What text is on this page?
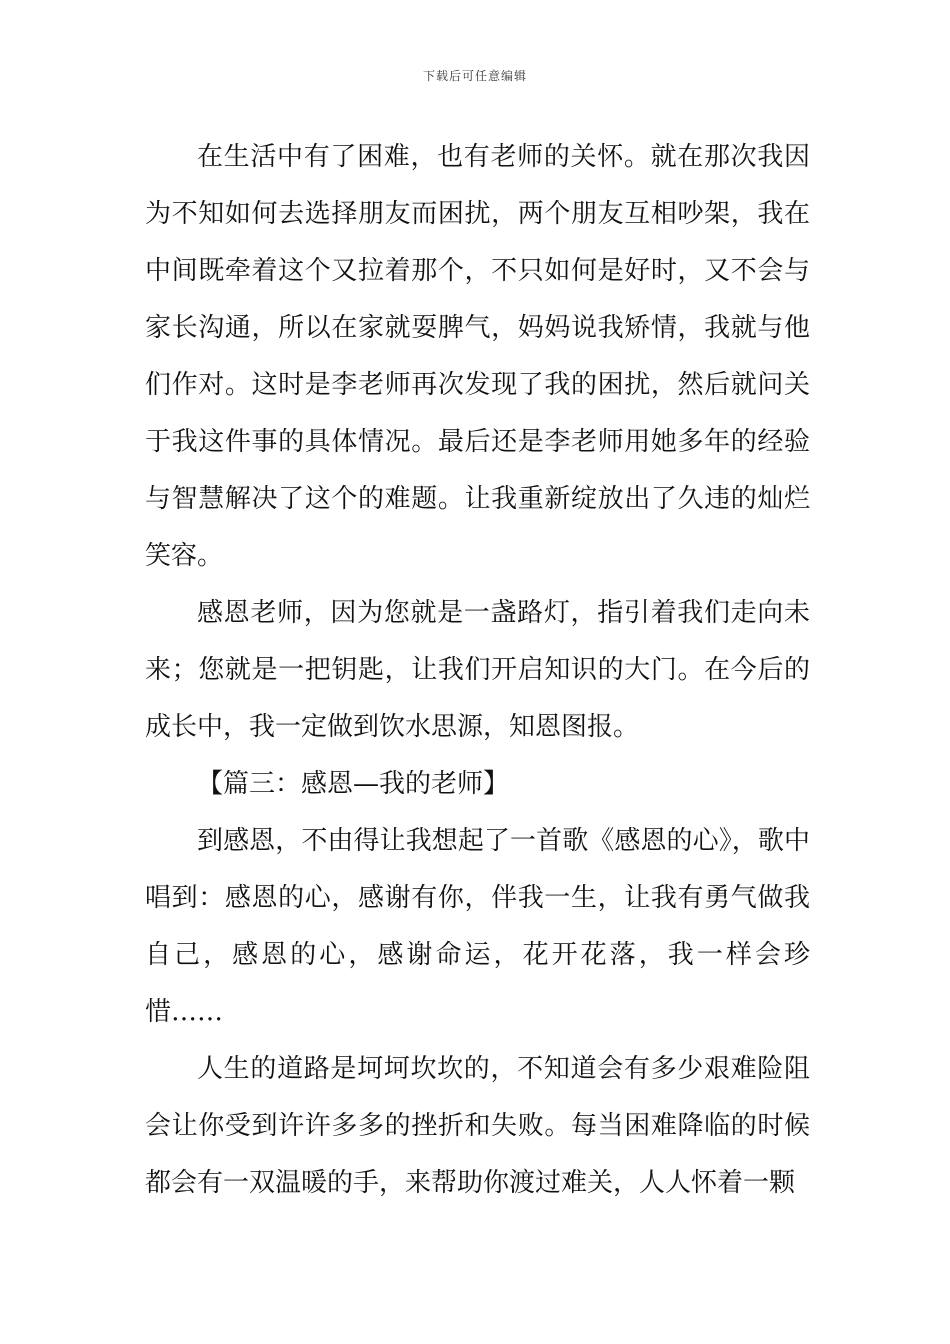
下载后可任意编辑

在生活中有了困难，也有老师的关怀。就在那次我因为不知如何去选择朋友而困扰，两个朋友互相吵架，我在中间既牵着这个又拉着那个，不只如何是好时，又不会与家长沟通，所以在家就耍脾气，妈妈说我矫情，我就与他们作对。这时是李老师再次发现了我的困扰，然后就问关于我这件事的具体情况。最后还是李老师用她多年的经验与智慧解决了这个的难题。让我重新绽放出了久违的灿烂笑容。

感恩老师，因为您就是一盏路灯，指引着我们走向未来；您就是一把钥匙，让我们开启知识的大门。在今后的成长中，我一定做到饮水思源，知恩图报。

【篇三：感恩—我的老师】

到感恩，不由得让我想起了一首歌《感恩的心》，歌中唱到：感恩的心，感谢有你，伴我一生，让我有勇气做我自己，感恩的心，感谢命运，花开花落，我一样会珍惜……

人生的道路是坷坷坎坎的，不知道会有多少艰难险阻会让你受到许许多多的挫折和失败。每当困难降临的时候都会有一双温暖的手，来帮助你渡过难关，人人怀着一颗
